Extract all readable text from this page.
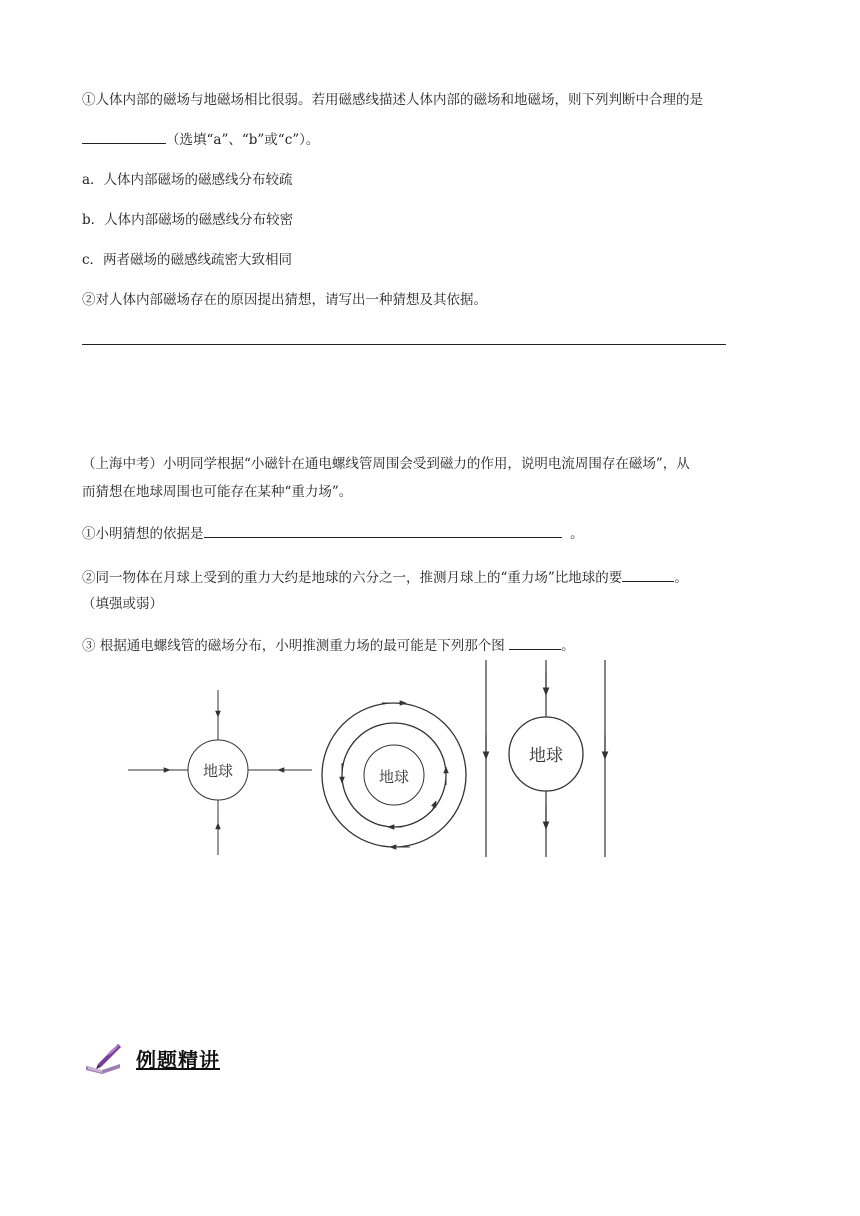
①人体内部的磁场与地磁场相比很弱。若用磁感线描述人体内部的磁场和地磁场，则下列判断中合理的是
（选填“a”、“b”或“c”）。
a．人体内部磁场的磁感线分布较疏
b．人体内部磁场的磁感线分布较密
c．两者磁场的磁感线疏密大致相同
②对人体内部磁场存在的原因提出猜想，请写出一种猜想及其依据。
（上海中考）小明同学根据“小磁针在通电螺线管周围会受到磁力的作用，说明电流周围存在磁场”，从
而猜想在地球周围也可能存在某种“重力场”。
①小明猜想的依据是	。
②同一物体在月球上受到的重力大约是地球的六分之一，推测月球上的“重力场”比地球的要	。
（填强或弱）
③ 根据通电螺线管的磁场分布，小明推测重力场的最可能是下列那个图	。
地球	地球
地球
例题精讲
